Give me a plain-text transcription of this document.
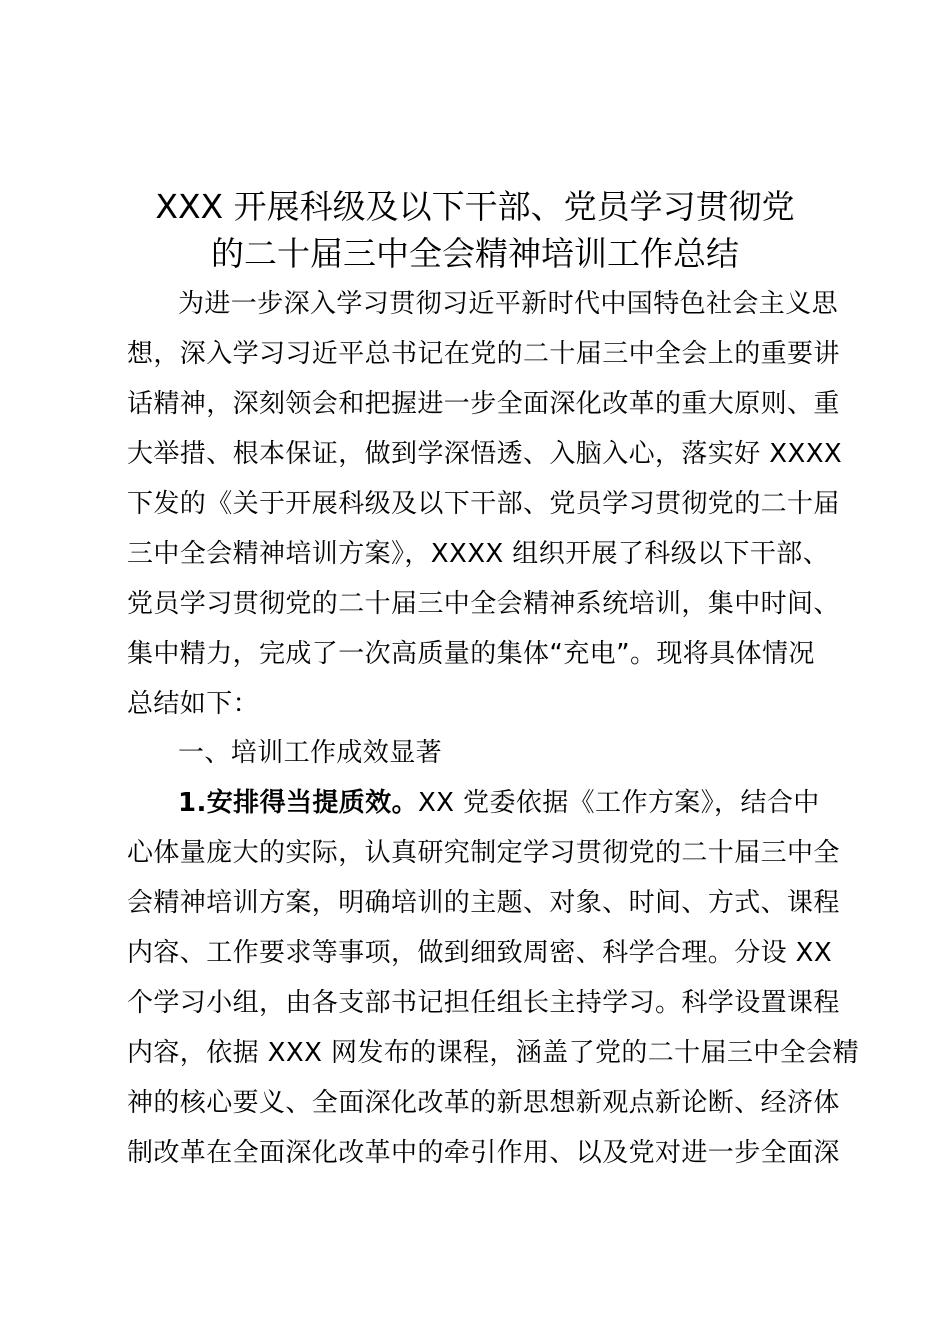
XXX 开展科级及以下干部、党员学习贯彻党
的二十届三中全会精神培训工作总结
为进一步深入学习贯彻习近平新时代中国特色社会主义思
想，深入学习习近平总书记在党的二十届三中全会上的重要讲
话精神，深刻领会和把握进一步全面深化改革的重大原则、重
大举措、根本保证，做到学深悟透、入脑入心，落实好 XXXX
下发的《关于开展科级及以下干部、党员学习贯彻党的二十届
三中全会精神培训方案》，XXXX 组织开展了科级以下干部、
党员学习贯彻党的二十届三中全会精神系统培训，集中时间、
集中精力，完成了一次高质量的集体“充电”。现将具体情况
总结如下：
一、培训工作成效显著
1.安排得当提质效。XX 党委依据《工作方案》，结合中
心体量庞大的实际，认真研究制定学习贯彻党的二十届三中全
会精神培训方案，明确培训的主题、对象、时间、方式、课程
内容、工作要求等事项，做到细致周密、科学合理。分设 XX
个学习小组，由各支部书记担任组长主持学习。科学设置课程
内容，依据 XXX 网发布的课程，涵盖了党的二十届三中全会精
神的核心要义、全面深化改革的新思想新观点新论断、经济体
制改革在全面深化改革中的牵引作用、以及党对进一步全面深
